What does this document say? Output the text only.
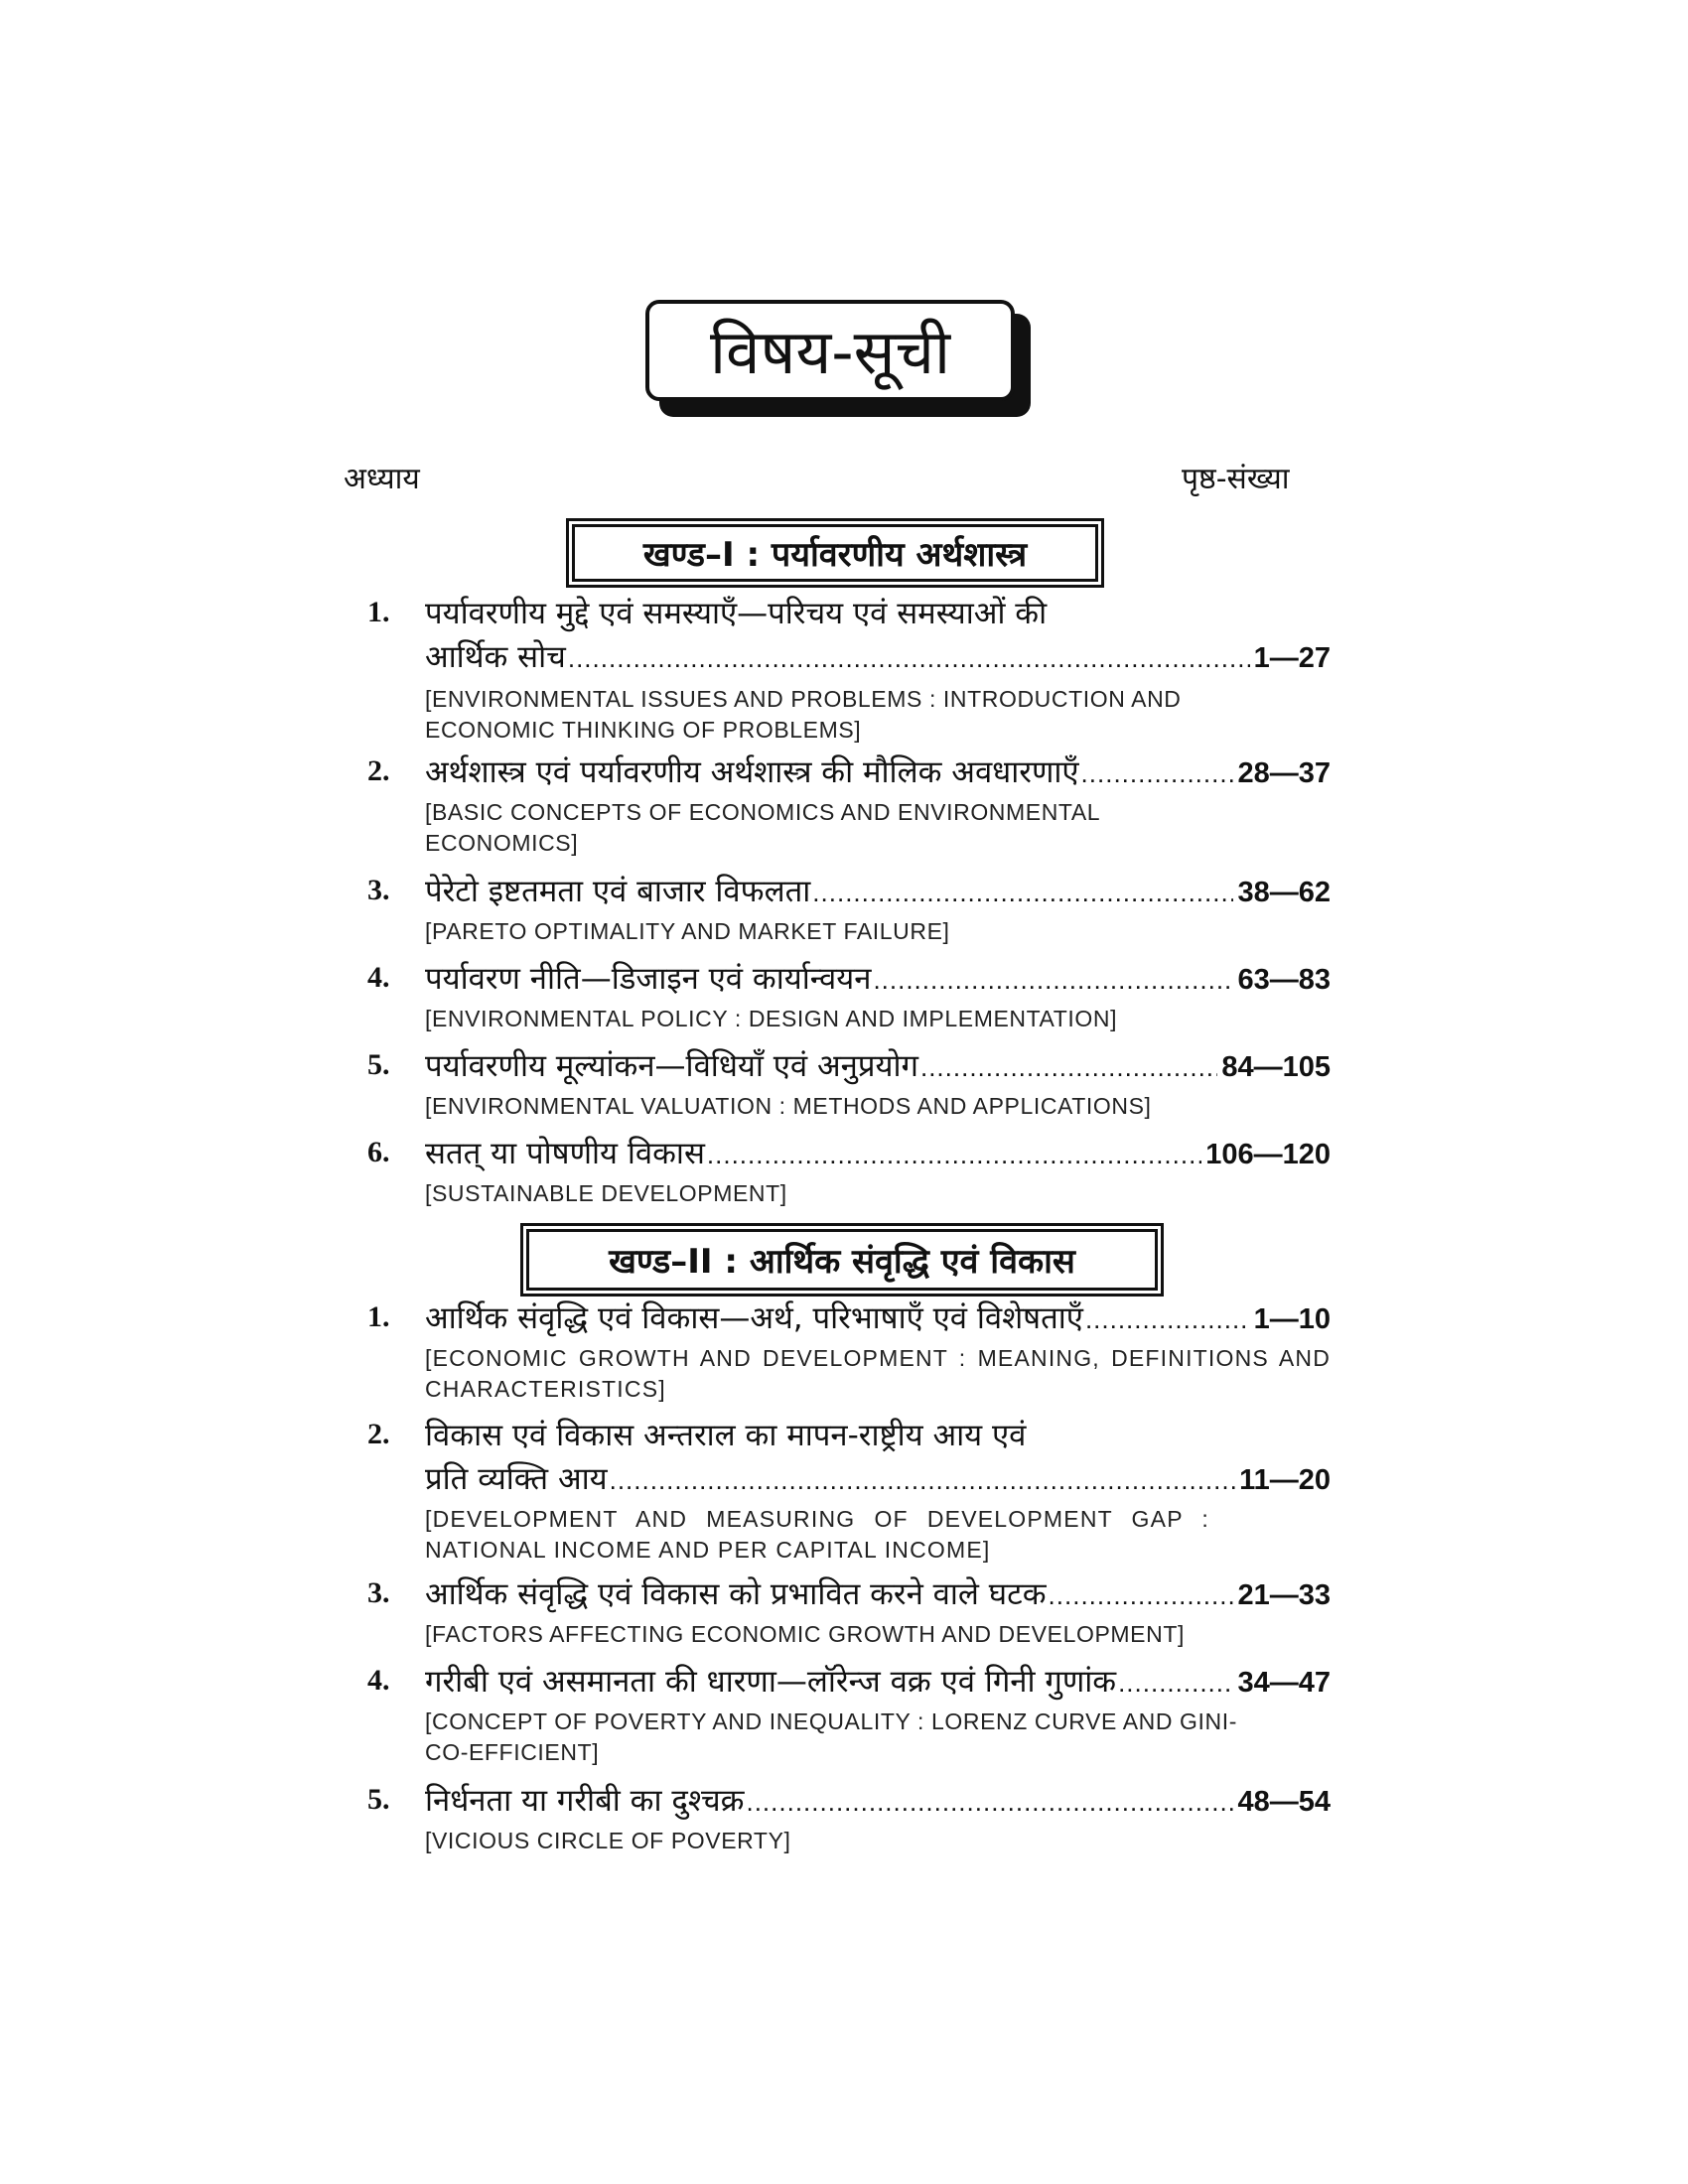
विषय-सूची
अध्याय	पृष्ठ-संख्या
खण्ड–I : पर्यावरणीय अर्थशास्त्र
1. पर्यावरणीय मुद्दे एवं समस्याएँ—परिचय एवं समस्याओं की
आर्थिक सोच .....	1—27
[ENVIRONMENTAL ISSUES AND PROBLEMS : INTRODUCTION AND ECONOMIC THINKING OF PROBLEMS]
2. अर्थशास्त्र एवं पर्यावरणीय अर्थशास्त्र की मौलिक अवधारणाएँ .....	28—37
[BASIC CONCEPTS OF ECONOMICS AND ENVIRONMENTAL ECONOMICS]
3. पेरेटो इष्टतमता एवं बाजार विफलता .....	38—62
[PARETO OPTIMALITY AND MARKET FAILURE]
4. पर्यावरण नीति—डिजाइन एवं कार्यान्वयन .....	63—83
[ENVIRONMENTAL POLICY : DESIGN AND IMPLEMENTATION]
5. पर्यावरणीय मूल्यांकन—विधियाँ एवं अनुप्रयोग .....	84—105
[ENVIRONMENTAL VALUATION : METHODS AND APPLICATIONS]
6. सतत् या पोषणीय विकास .....	106—120
[SUSTAINABLE DEVELOPMENT]
खण्ड–II : आर्थिक संवृद्धि एवं विकास
1. आर्थिक संवृद्धि एवं विकास—अर्थ, परिभाषाएँ एवं विशेषताएँ .....	1—10
[ECONOMIC GROWTH AND DEVELOPMENT : MEANING, DEFINITIONS AND CHARACTERISTICS]
2. विकास एवं विकास अन्तराल का मापन-राष्ट्रीय आय एवं
प्रति व्यक्ति आय .....	11—20
[DEVELOPMENT AND MEASURING OF DEVELOPMENT GAP : NATIONAL INCOME AND PER CAPITAL INCOME]
3. आर्थिक संवृद्धि एवं विकास को प्रभावित करने वाले घटक .....	21—33
[FACTORS AFFECTING ECONOMIC GROWTH AND DEVELOPMENT]
4. गरीबी एवं असमानता की धारणा—लॉरेन्ज वक्र एवं गिनी गुणांक .....	34—47
[CONCEPT OF POVERTY AND INEQUALITY : LORENZ CURVE AND GINI-CO-EFFICIENT]
5. निर्धनता या गरीबी का दुश्चक्र .....	48—54
[VICIOUS CIRCLE OF POVERTY]
